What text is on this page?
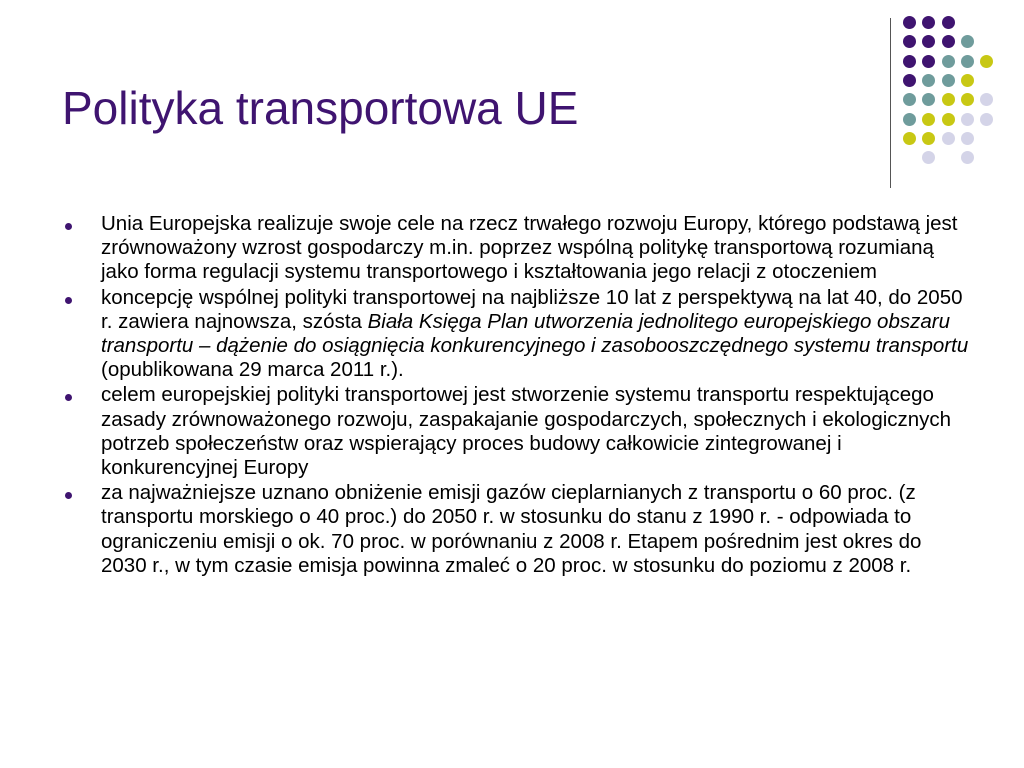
Polityka transportowa UE
Unia Europejska realizuje swoje cele na rzecz trwałego rozwoju Europy, którego podstawą jest zrównoważony wzrost gospodarczy m.in. poprzez wspólną politykę transportową rozumianą jako forma regulacji systemu transportowego i kształtowania jego relacji z otoczeniem
koncepcję wspólnej polityki transportowej na najbliższe 10 lat z perspektywą na lat 40, do 2050 r. zawiera najnowsza, szósta Biała Księga Plan utworzenia jednolitego europejskiego obszaru transportu – dążenie do osiągnięcia konkurencyjnego i zasobooszczędnego systemu transportu (opublikowana 29 marca 2011 r.).
celem europejskiej polityki transportowej jest stworzenie systemu transportu respektującego zasady zrównoważonego rozwoju, zaspakajanie gospodarczych, społecznych i ekologicznych potrzeb społeczeństw oraz wspierający proces budowy całkowicie zintegrowanej i konkurencyjnej Europy
za najważniejsze uznano obniżenie emisji gazów cieplarnianych z transportu o 60 proc. (z transportu morskiego o 40 proc.) do 2050 r. w stosunku do stanu z 1990 r. - odpowiada to ograniczeniu emisji o ok. 70 proc. w porównaniu z 2008 r. Etapem pośrednim jest okres do 2030 r., w tym czasie emisja powinna zmaleć o 20 proc. w stosunku do poziomu z 2008 r.
